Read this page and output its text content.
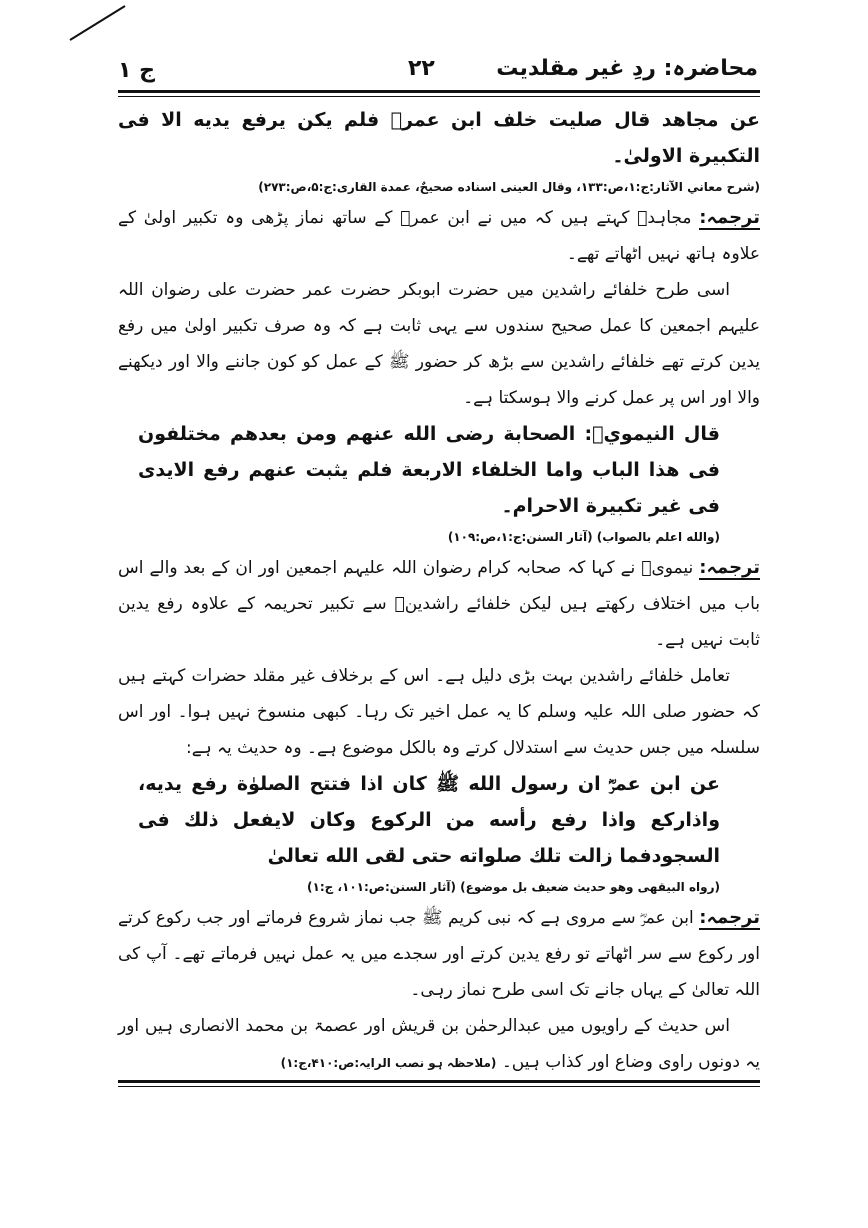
ج ۱	۲۲	محاضرہ: ردِ غیر مقلدیت

عن مجاهد قال صليت خلف ابن عمرؓ فلم يكن يرفع يديه الا فى التكبيرة الاولىٰ۔

(شرح معاني الآثار:ج:۱،ص:۱۳۳، وقال العينى اسناده صحيحٌ، عمدة القارى:ج:۵،ص:۲۷۳)

ترجمہ: مجاہدؒ کہتے ہیں کہ میں نے ابن عمرؓ کے ساتھ نماز پڑھی وہ تکبیر اولیٰ کے علاوہ ہاتھ نہیں اٹھاتے تھے۔

اسی طرح خلفائے راشدین میں حضرت ابوبکر حضرت عمر حضرت علی رضوان اللہ علیہم اجمعین کا عمل صحیح سندوں سے یہی ثابت ہے کہ وہ صرف تکبیر اولیٰ میں رفع یدین کرتے تھے خلفائے راشدین سے بڑھ کر حضور ﷺ کے عمل کو کون جاننے والا اور دیکھنے والا اور اس پر عمل کرنے والا ہوسکتا ہے۔

قال النيمويؒ: الصحابة رضى الله عنهم ومن بعدهم مختلفون فى هذا الباب واما الخلفاء الاربعة فلم يثبت عنهم رفع الايدى فى غير تكبيرة الاحرام۔

(والله اعلم بالصواب) (آثار السنن:ج:۱،ص:۱۰۹)

ترجمہ: نیمویؒ نے کہا کہ صحابہ کرام رضوان اللہ علیہم اجمعین اور ان کے بعد والے اس باب میں اختلاف رکھتے ہیں لیکن خلفائے راشدینؓ سے تکبیر تحریمہ کے علاوہ رفع یدین ثابت نہیں ہے۔

تعامل خلفائے راشدین بہت بڑی دلیل ہے۔ اس کے برخلاف غیر مقلد حضرات کہتے ہیں کہ حضور صلی اللہ علیہ وسلم کا یہ عمل اخیر تک رہا۔ کبھی منسوخ نہیں ہوا۔ اور اس سلسلہ میں جس حدیث سے استدلال کرتے وہ بالکل موضوع ہے۔ وہ حدیث یہ ہے:

عن ابن عمرؓ ان رسول الله ﷺ كان اذا فتتح الصلوٰة رفع يديه، واذاركع واذا رفع رأسه من الركوع وكان لايفعل ذلك فى السجودفما زالت تلك صلواته حتى لقى الله تعالىٰ

(رواه البيقهى وهو حديث ضعيف بل موضوع) (آثار السنن:ص:۱۰۱، ج:۱)

ترجمہ: ابن عمرؓ سے مروی ہے کہ نبی کریم ﷺ جب نماز شروع فرماتے اور جب رکوع کرتے اور رکوع سے سر اٹھاتے تو رفع یدین کرتے اور سجدے میں یہ عمل نہیں فرماتے تھے۔ آپ کی اللہ تعالیٰ کے یہاں جانے تک اسی طرح نماز رہی۔

اس حدیث کے راویوں میں عبدالرحمٰن بن قریش اور عصمۃ بن محمد الانصاری ہیں اور یہ دونوں راوی وضاع اور کذاب ہیں۔ (ملاحظہ ہو نصب الرایہ:ص:۴۱۰،ج:۱)
